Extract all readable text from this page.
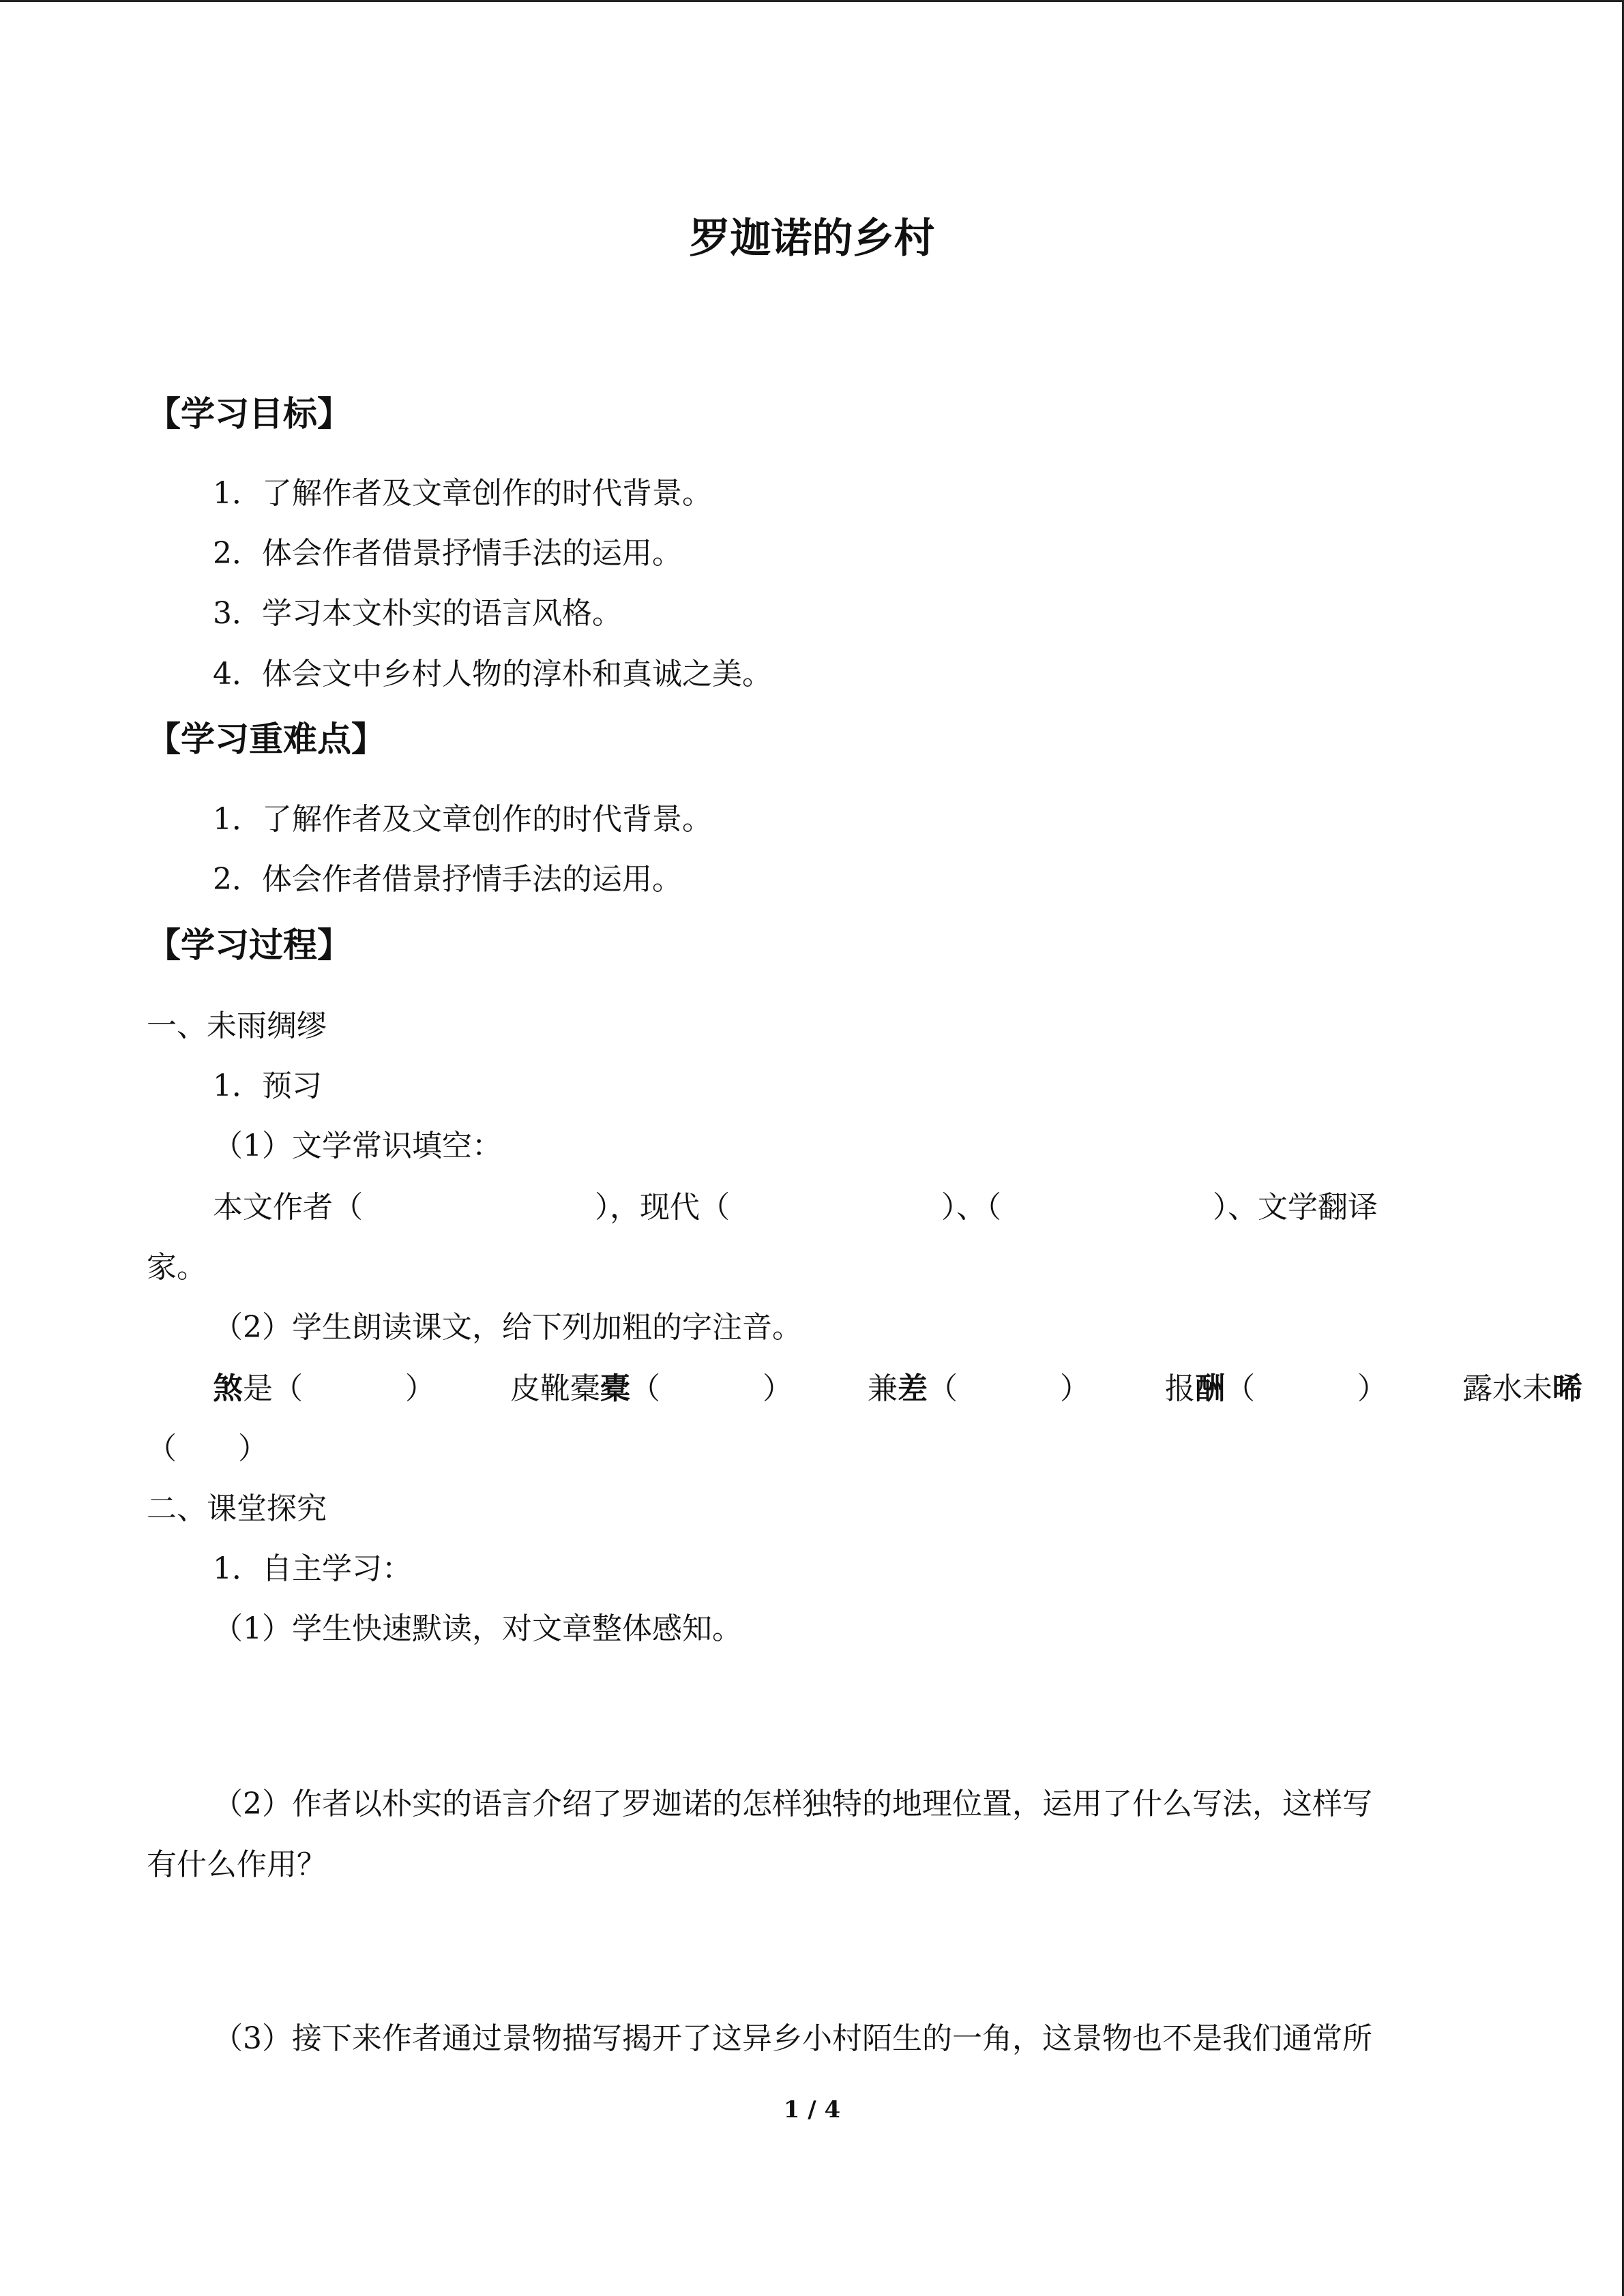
罗迦诺的乡村
【学习目标】
1．了解作者及文章创作的时代背景。
2．体会作者借景抒情手法的运用。
3．学习本文朴实的语言风格。
4．体会文中乡村人物的淳朴和真诚之美。
【学习重难点】
1．了解作者及文章创作的时代背景。
2．体会作者借景抒情手法的运用。
【学习过程】
一、未雨绸缪
1．预习
（1）文学常识填空：
本文作者（	），现代（	）、（	）、文学翻译
家。
（2）学生朗读课文，给下列加粗的字注音。
煞是（	）	皮靴橐橐（	）	兼差（	）	报酬（	）	露水未晞
（ ）
二、课堂探究
1．自主学习：
（1）学生快速默读，对文章整体感知。
（2）作者以朴实的语言介绍了罗迦诺的怎样独特的地理位置，运用了什么写法，这样写
有什么作用？
（3）接下来作者通过景物描写揭开了这异乡小村陌生的一角，这景物也不是我们通常所
1 / 4
